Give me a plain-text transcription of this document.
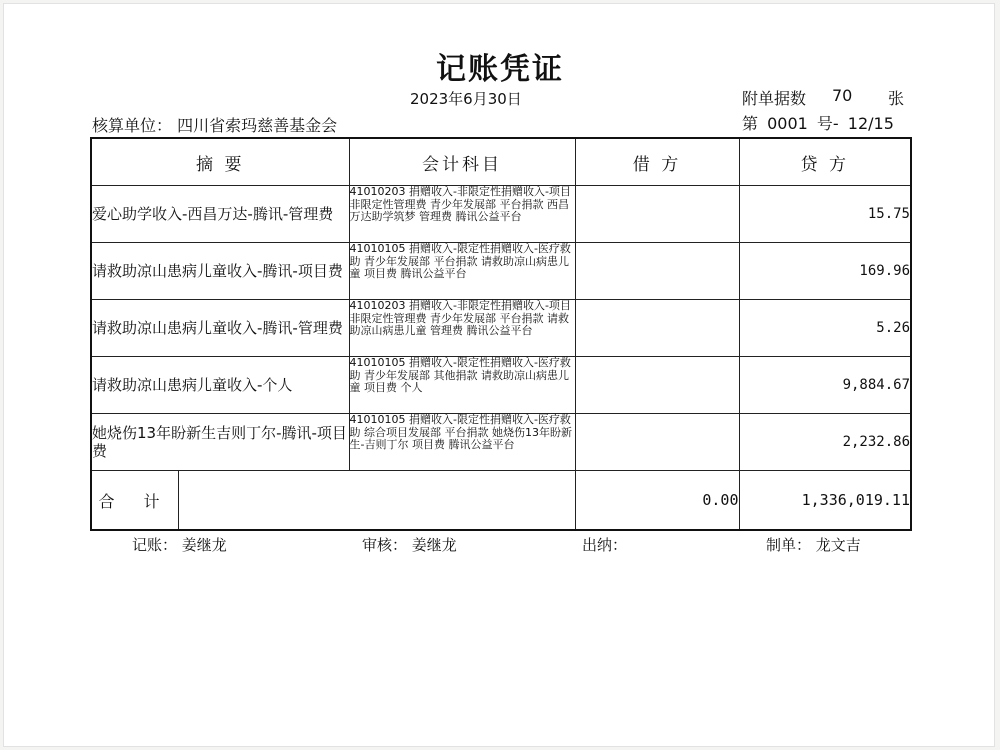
记账凭证
2023年6月30日	附单据数 70 张
核算单位： 四川省索玛慈善基金会	第 0001 号- 12/15
摘 要	会计科目	借 方	贷 方
爱心助学收入-西昌万达-腾讯-管理费	41010203 捐赠收入-非限定性捐赠收入-项目非限定性管理费 青少年发展部 平台捐款 西昌万达助学筑梦 管理费 腾讯公益平台		15.75
请救助凉山患病儿童收入-腾讯-项目费	41010105 捐赠收入-限定性捐赠收入-医疗救助 青少年发展部 平台捐款 请救助凉山病患儿童 项目费 腾讯公益平台		169.96
请救助凉山患病儿童收入-腾讯-管理费	41010203 捐赠收入-非限定性捐赠收入-项目非限定性管理费 青少年发展部 平台捐款 请救助凉山病患儿童 管理费 腾讯公益平台		5.26
请救助凉山患病儿童收入-个人	41010105 捐赠收入-限定性捐赠收入-医疗救助 青少年发展部 其他捐款 请救助凉山病患儿童 项目费 个人		9,884.67
她烧伤13年盼新生吉则丁尔-腾讯-项目费	41010105 捐赠收入-限定性捐赠收入-医疗救助 综合项目发展部 平台捐款 她烧伤13年盼新生-吉则丁尔 项目费 腾讯公益平台		2,232.86

合 计		0.00	1,336,019.11
记账： 姜继龙	审核： 姜继龙	出纳：	制单： 龙文吉
